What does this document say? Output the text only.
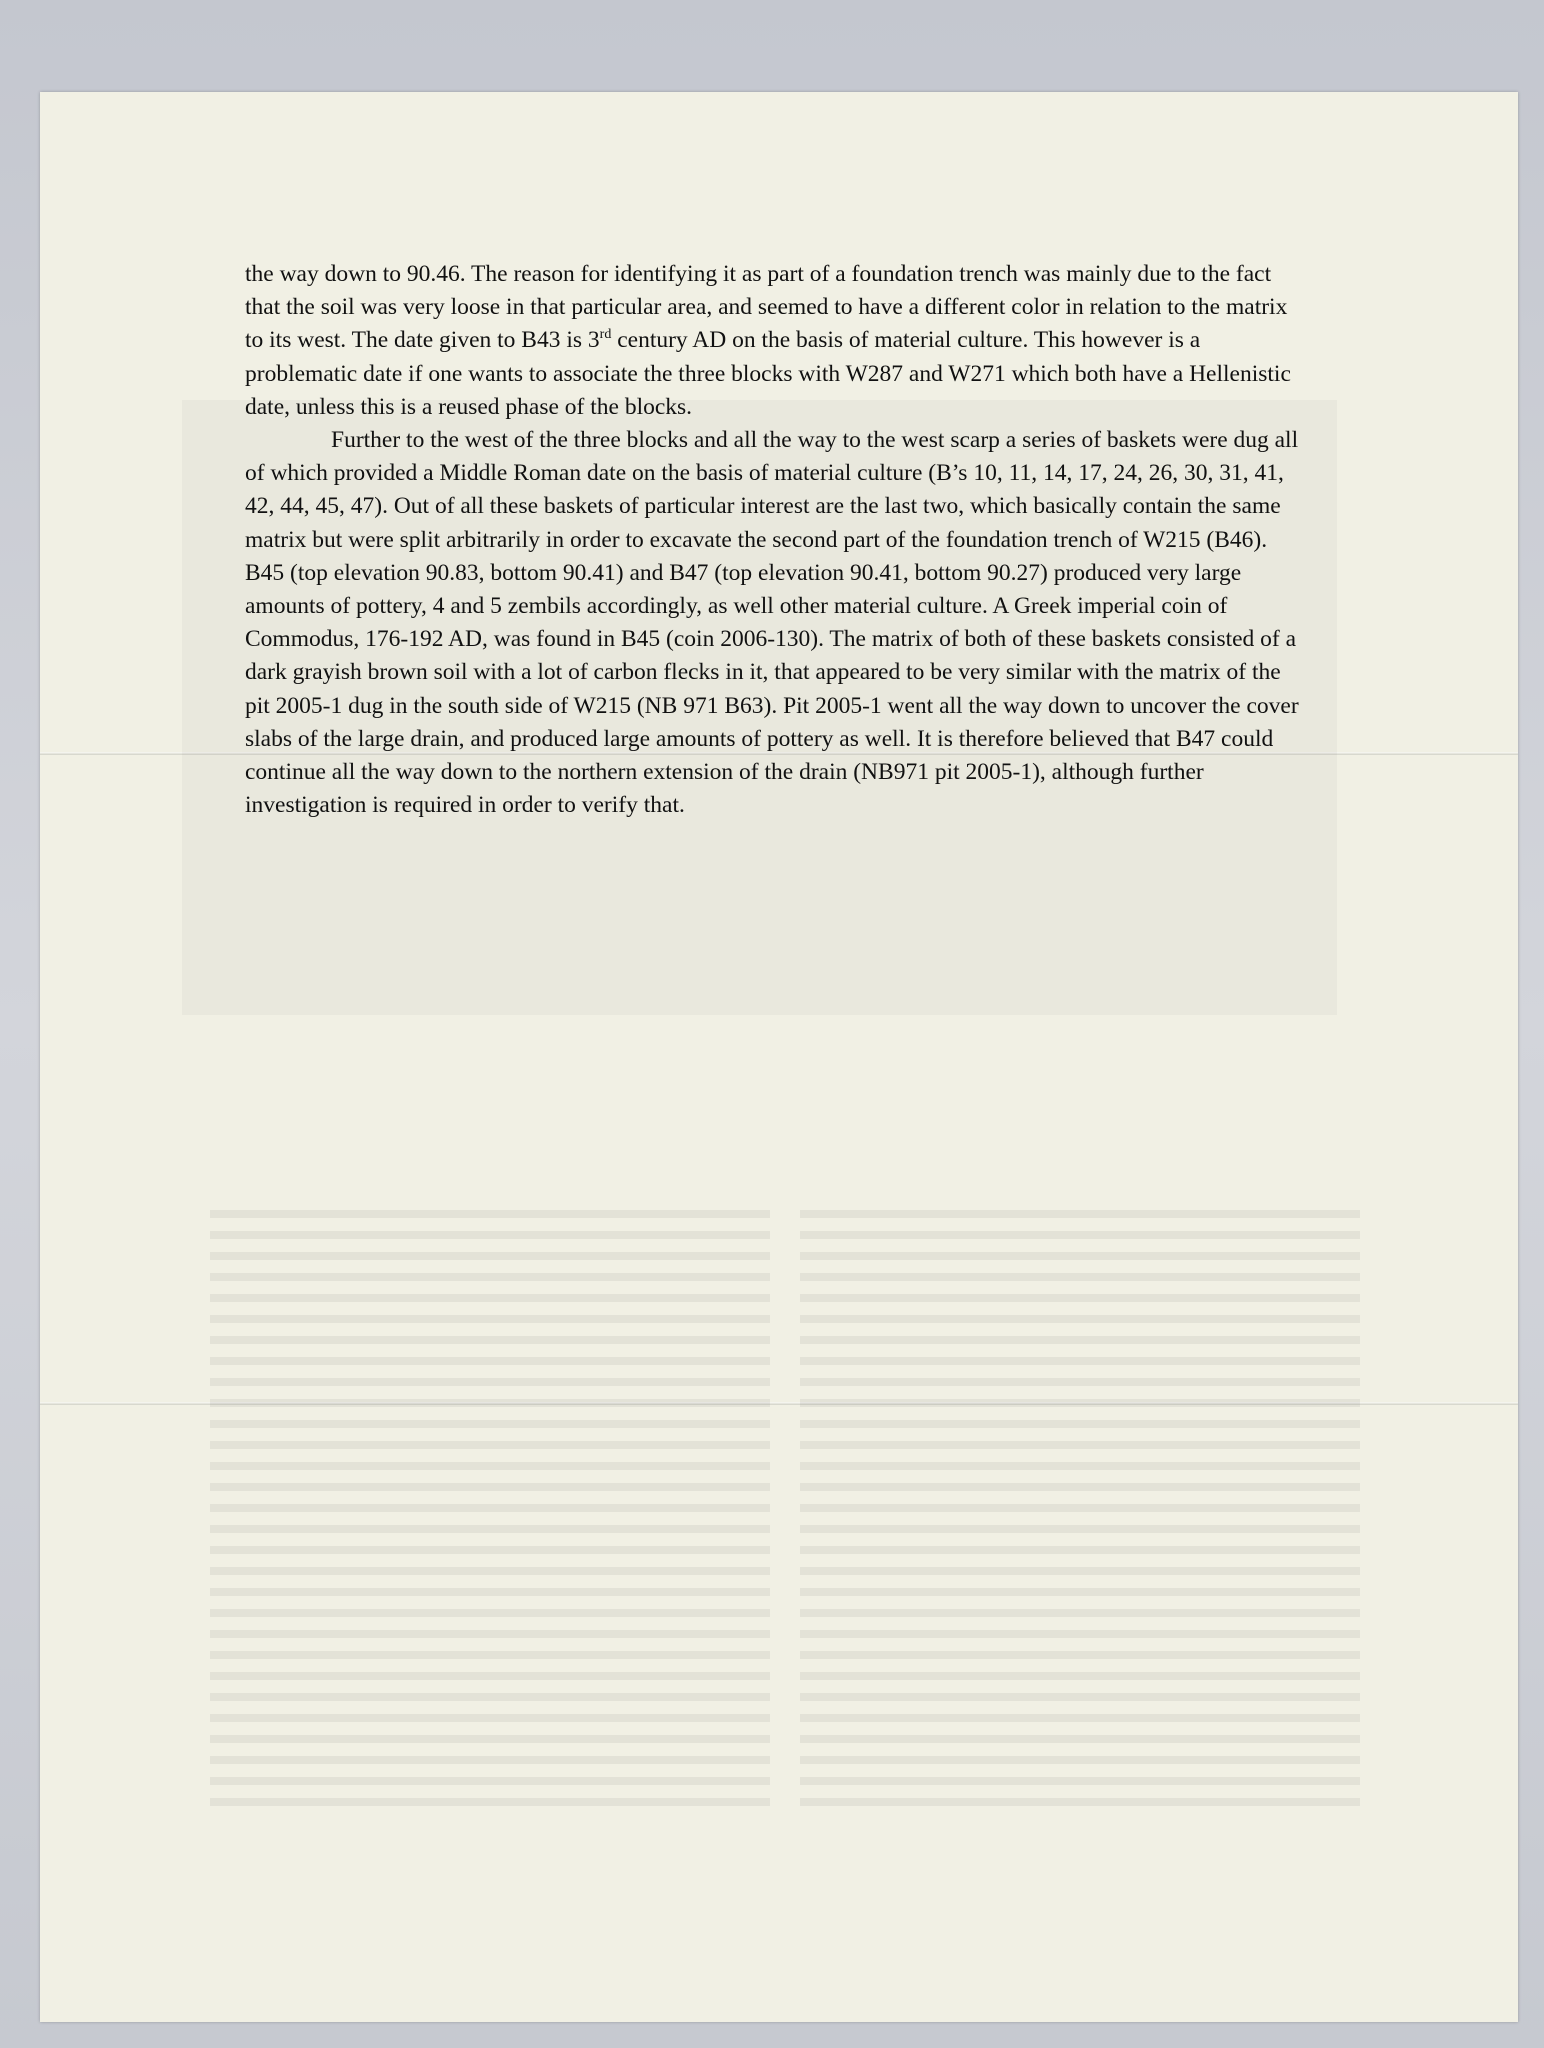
the way down to 90.46. The reason for identifying it as part of a foundation trench was mainly due to the fact that the soil was very loose in that particular area, and seemed to have a different color in relation to the matrix to its west. The date given to B43 is 3rd century AD on the basis of material culture. This however is a problematic date if one wants to associate the three blocks with W287 and W271 which both have a Hellenistic date, unless this is a reused phase of the blocks.

Further to the west of the three blocks and all the way to the west scarp a series of baskets were dug all of which provided a Middle Roman date on the basis of material culture (B’s 10, 11, 14, 17, 24, 26, 30, 31, 41, 42, 44, 45, 47). Out of all these baskets of particular interest are the last two, which basically contain the same matrix but were split arbitrarily in order to excavate the second part of the foundation trench of W215 (B46). B45 (top elevation 90.83, bottom 90.41) and B47 (top elevation 90.41, bottom 90.27) produced very large amounts of pottery, 4 and 5 zembils accordingly, as well other material culture. A Greek imperial coin of Commodus, 176-192 AD, was found in B45 (coin 2006-130). The matrix of both of these baskets consisted of a dark grayish brown soil with a lot of carbon flecks in it, that appeared to be very similar with the matrix of the pit 2005-1 dug in the south side of W215 (NB 971 B63). Pit 2005-1 went all the way down to uncover the cover slabs of the large drain, and produced large amounts of pottery as well. It is therefore believed that B47 could continue all the way down to the northern extension of the drain (NB971 pit 2005-1), although further investigation is required in order to verify that.
